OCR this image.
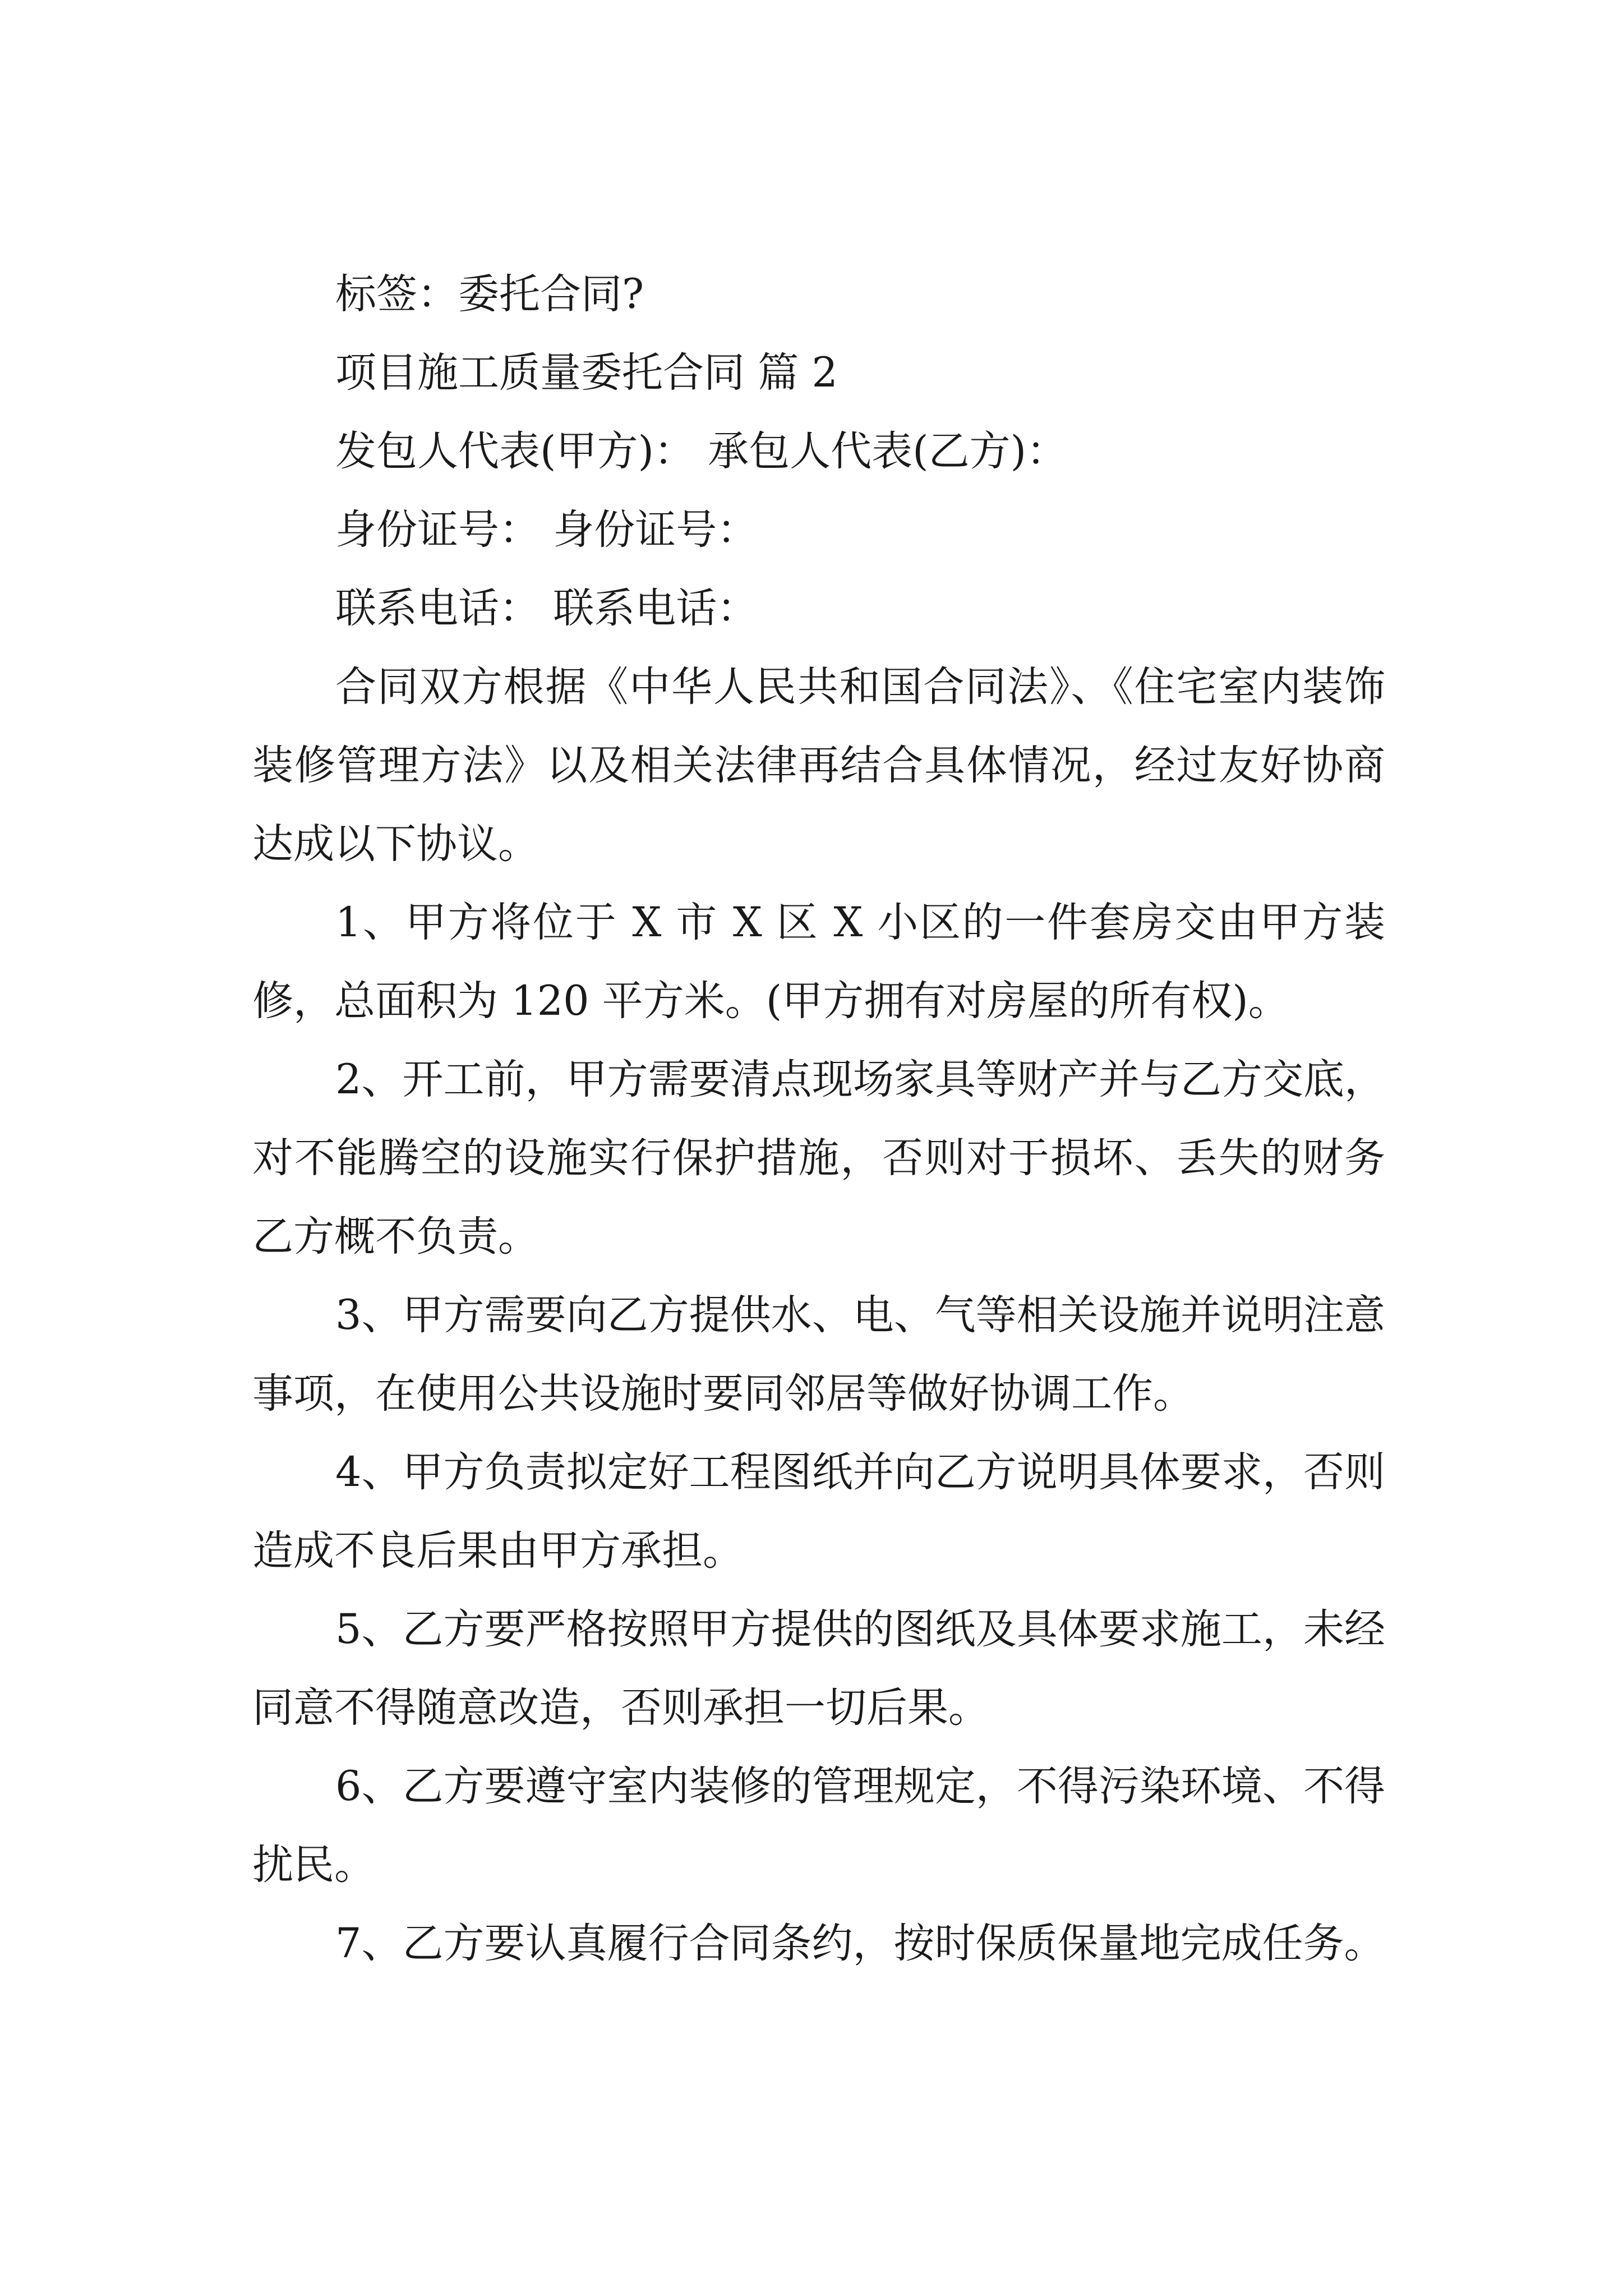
标签：委托合同?

项目施工质量委托合同 篇 2

发包人代表(甲方)： 承包人代表(乙方)：

身份证号： 身份证号：

联系电话： 联系电话：

合同双方根据《中华人民共和国合同法》、《住宅室内装饰装修管理方法》以及相关法律再结合具体情况，经过友好协商达成以下协议。

1、甲方将位于 X 市 X 区 X 小区的一件套房交由甲方装修，总面积为 120 平方米。(甲方拥有对房屋的所有权)。

2、开工前，甲方需要清点现场家具等财产并与乙方交底，对不能腾空的设施实行保护措施，否则对于损坏、丢失的财务乙方概不负责。

3、甲方需要向乙方提供水、电、气等相关设施并说明注意事项，在使用公共设施时要同邻居等做好协调工作。

4、甲方负责拟定好工程图纸并向乙方说明具体要求，否则造成不良后果由甲方承担。

5、乙方要严格按照甲方提供的图纸及具体要求施工，未经同意不得随意改造，否则承担一切后果。

6、乙方要遵守室内装修的管理规定，不得污染环境、不得扰民。

7、乙方要认真履行合同条约，按时保质保量地完成任务。
